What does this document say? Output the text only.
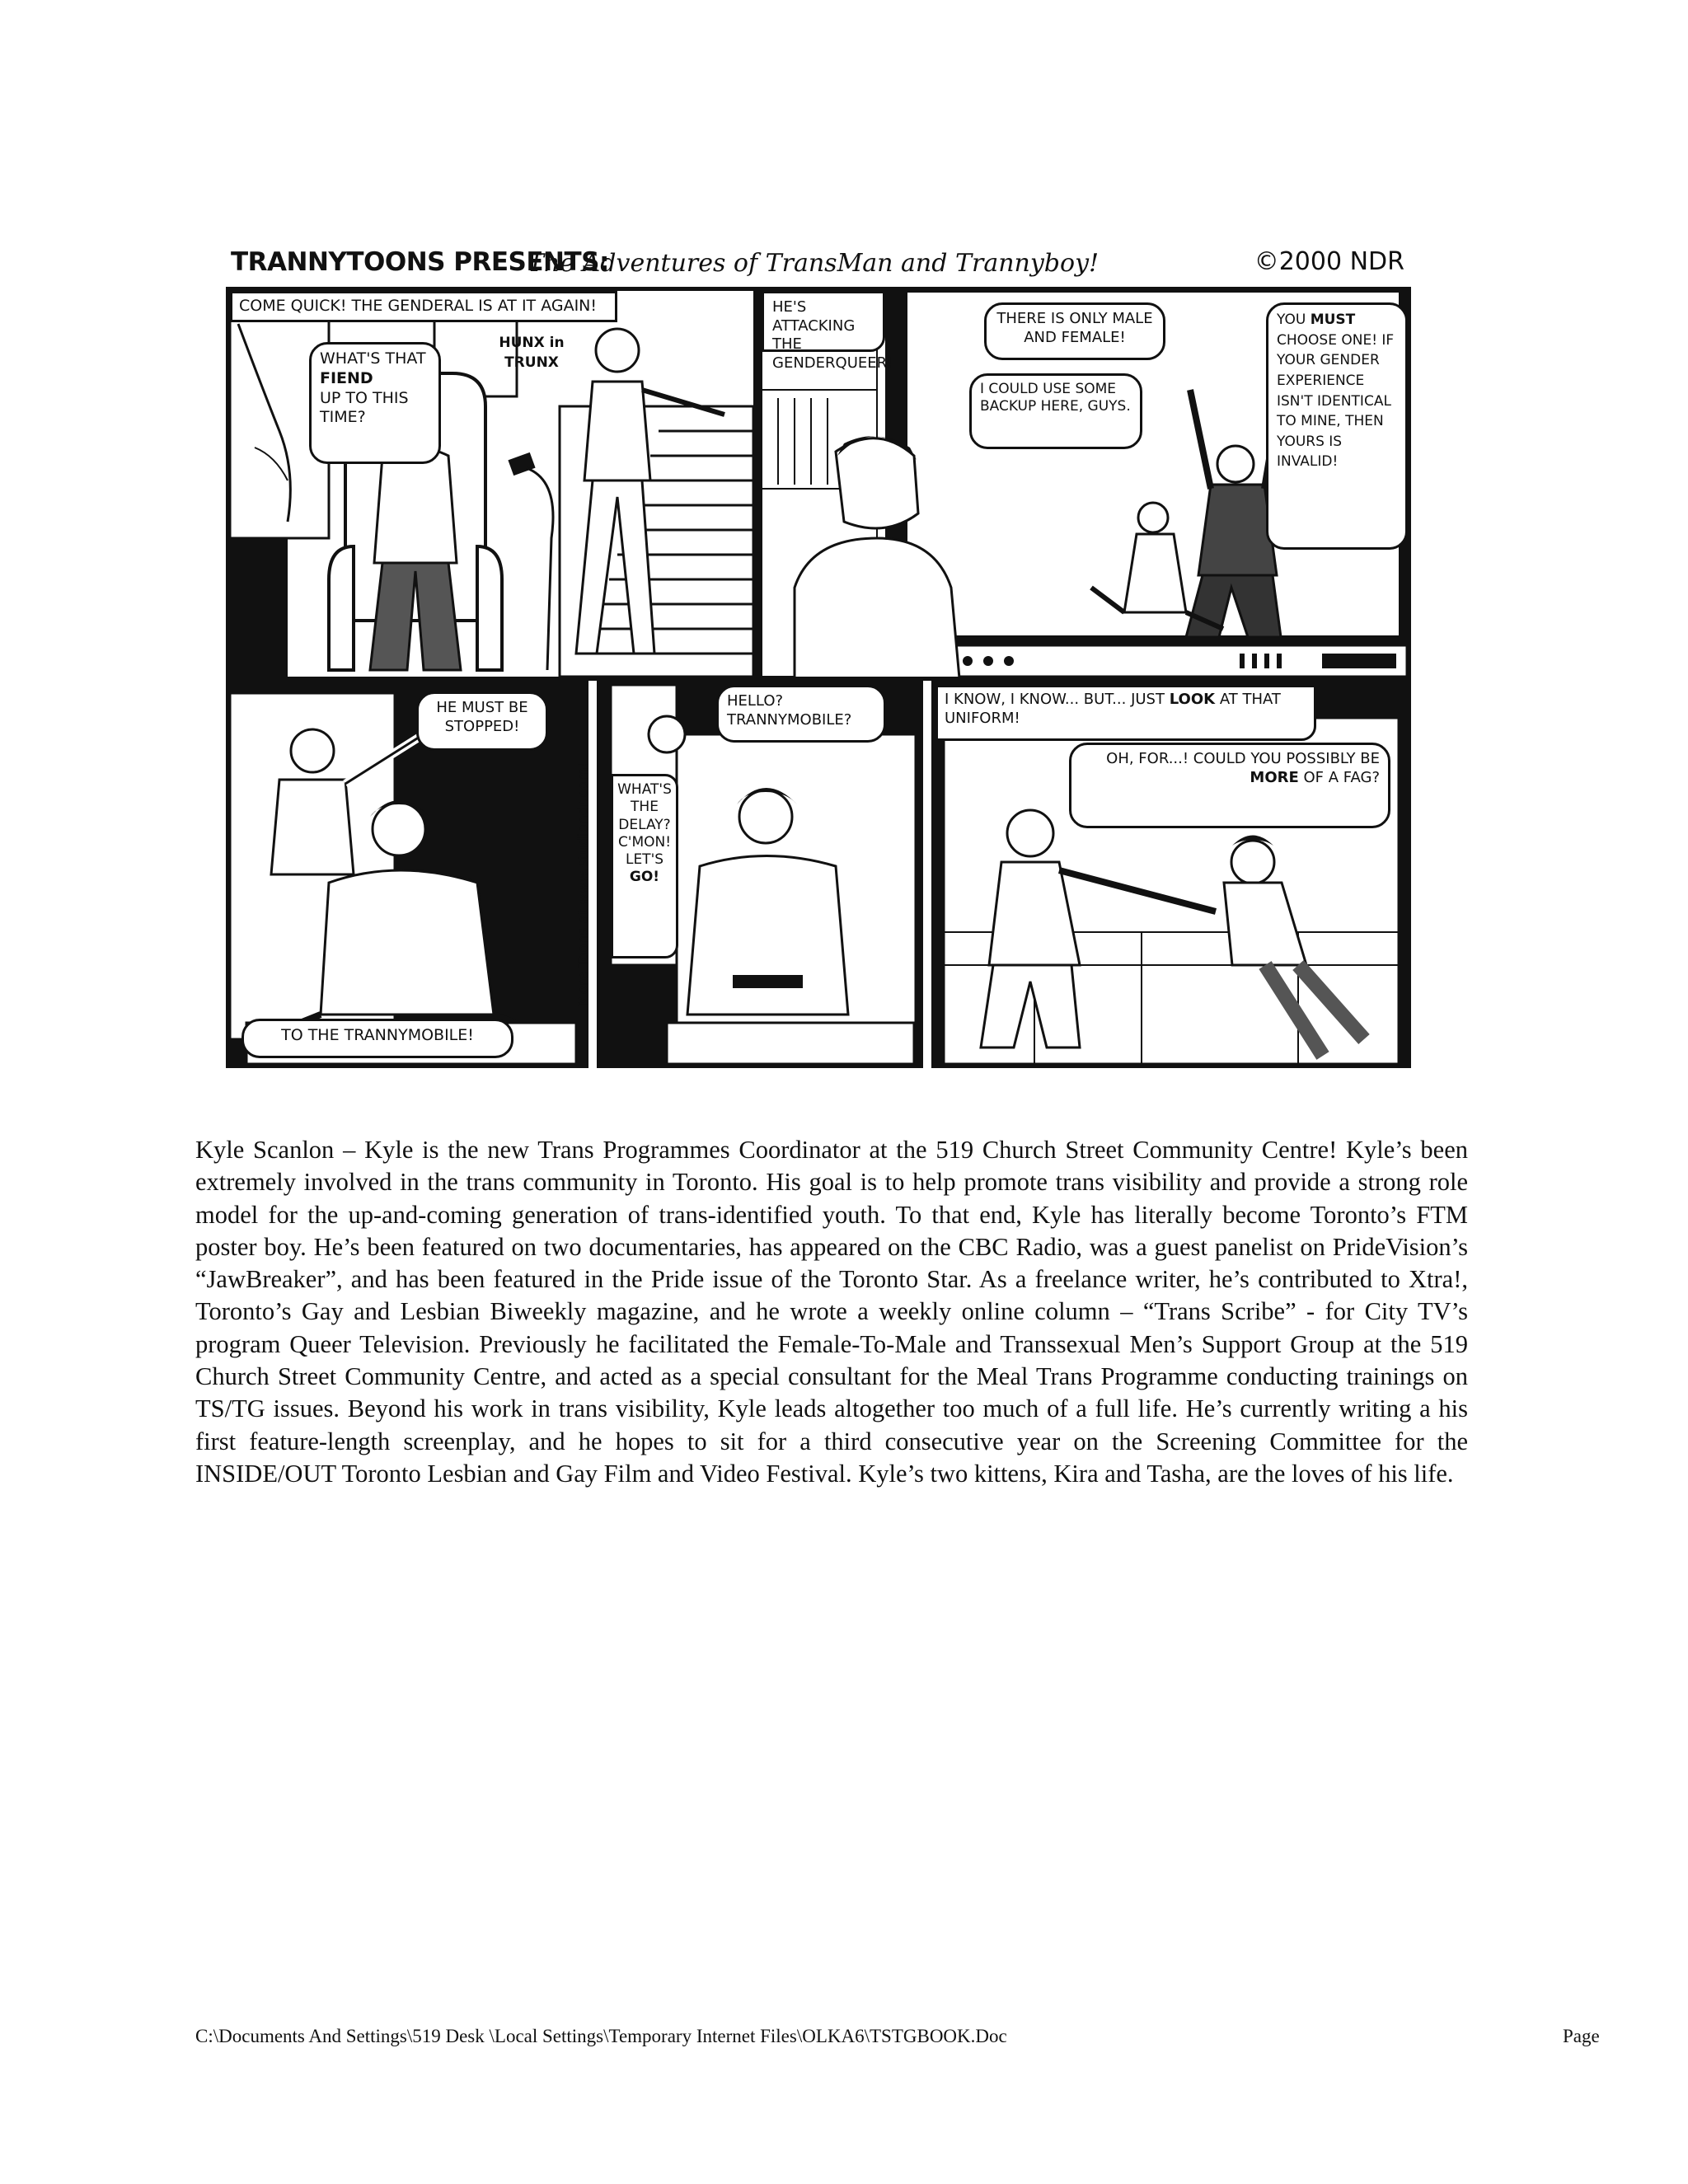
TRANNYTOONS PRESENTS:
The Adventures of TransMan and Trannyboy!	©2000 NDR
COME QUICK! THE GENDERAL IS AT IT AGAIN!
WHAT'S THAT
FIEND
UP TO THIS TIME?
HUNX in TRUNX
HE'S ATTACKING THE GENDERQUEER!
THERE IS ONLY MALE AND FEMALE!
I COULD USE SOME BACKUP HERE, GUYS.
YOU MUST CHOOSE ONE! IF YOUR GENDER EXPERIENCE ISN'T IDENTICAL TO MINE, THEN YOURS IS INVALID!
HE MUST BE STOPPED!
TO THE TRANNYMOBILE!
More Toons at www.studiondr.com!
HELLO? TRANNYMOBILE?
WHAT'S THE DELAY? C'MON! LET'S GO!
I KNOW, I KNOW... BUT... JUST LOOK AT THAT UNIFORM!
OH, FOR...! COULD YOU POSSIBLY BE MORE OF A FAG?

Kyle Scanlon – Kyle is the new Trans Programmes Coordinator at the 519 Church Street Community Centre! Kyle’s been extremely involved in the trans community in Toronto. His goal is to help promote trans visibility and provide a strong role model for the up-and-coming generation of trans-identified youth. To that end, Kyle has literally become Toronto’s FTM poster boy. He’s been featured on two documentaries, has appeared on the CBC Radio, was a guest panelist on PrideVision’s “JawBreaker”, and has been featured in the Pride issue of the Toronto Star. As a freelance writer, he’s contributed to Xtra!, Toronto’s Gay and Lesbian Biweekly magazine, and he wrote a weekly online column – “Trans Scribe” - for City TV’s program Queer Television. Previously he facilitated the Female-To-Male and Transsexual Men’s Support Group at the 519 Church Street Community Centre, and acted as a special consultant for the Meal Trans Programme conducting trainings on TS/TG issues. Beyond his work in trans visibility, Kyle leads altogether too much of a full life. He’s currently writing a his first feature-length screenplay, and he hopes to sit for a third consecutive year on the Screening Committee for the INSIDE/OUT Toronto Lesbian and Gay Film and Video Festival. Kyle’s two kittens, Kira and Tasha, are the loves of his life.

C:\Documents And Settings\519 Desk \Local Settings\Temporary Internet Files\OLKA6\TSTGBOOK.Doc	Page
